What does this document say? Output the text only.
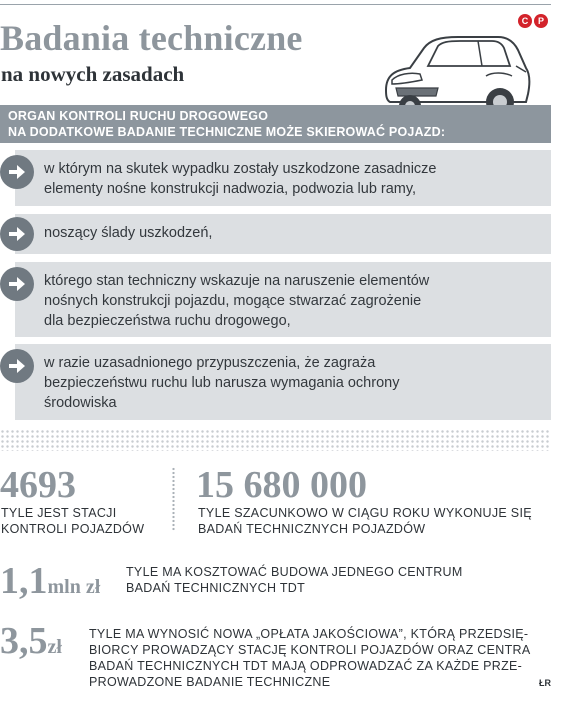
C	P
Badania techniczne
na nowych zasadach
ORGAN KONTROLI RUCHU DROGOWEGO
NA DODATKOWE BADANIE TECHNICZNE MOŻE SKIEROWAĆ POJAZD:
w którym na skutek wypadku zostały uszkodzone zasadnicze
elementy nośne konstrukcji nadwozia, podwozia lub ramy,
noszący ślady uszkodzeń,
którego stan techniczny wskazuje na naruszenie elementów
nośnych konstrukcji pojazdu, mogące stwarzać zagrożenie
dla bezpieczeństwa ruchu drogowego,
w razie uzasadnionego przypuszczenia, że zagraża
bezpieczeństwu ruchu lub narusza wymagania ochrony
środowiska
4693
TYLE JEST STACJI
KONTROLI POJAZDÓW
15 680 000
TYLE SZACUNKOWO W CIĄGU ROKU WYKONUJE SIĘ
BADAŃ TECHNICZNYCH POJAZDÓW
1,1mln zł
TYLE MA KOSZTOWAĆ BUDOWA JEDNEGO CENTRUM
BADAŃ TECHNICZNYCH TDT
3,5zł
TYLE MA WYNOSIĆ NOWA „OPŁATA JAKOŚCIOWA”, KTÓRĄ PRZEDSIĘ-
BIORCY PROWADZĄCY STACJĘ KONTROLI POJAZDÓW ORAZ CENTRA
BADAŃ TECHNICZNYCH TDT MAJĄ ODPROWADZAĆ ZA KAŻDE PRZE-
PROWADZONE BADANIE TECHNICZNE	ŁR
